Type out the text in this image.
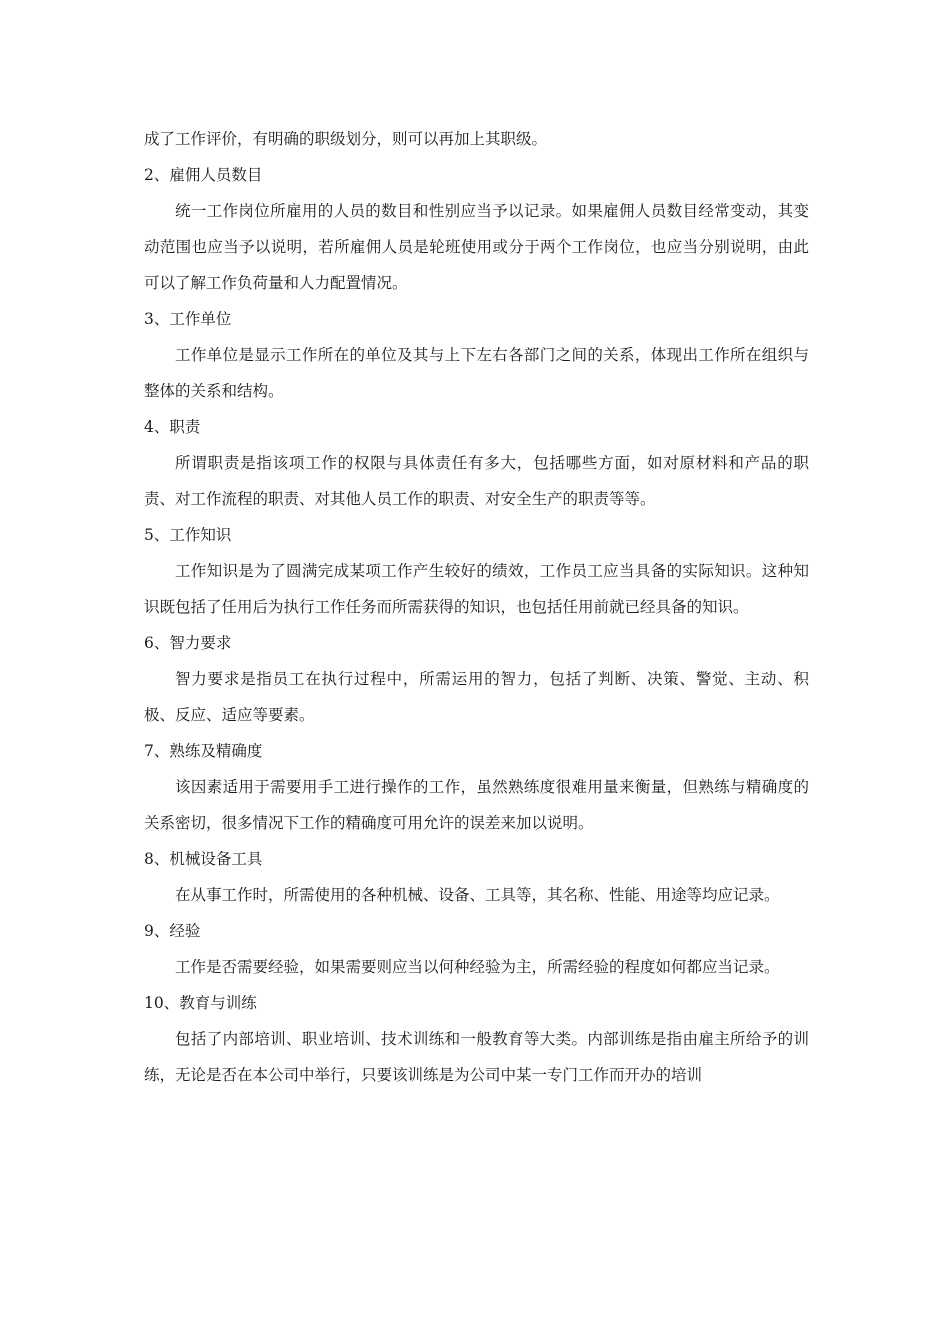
成了工作评价，有明确的职级划分，则可以再加上其职级。
2、雇佣人员数目

统一工作岗位所雇用的人员的数目和性别应当予以记录。如果雇佣人员数目经常变动，其变动范围也应当予以说明，若所雇佣人员是轮班使用或分于两个工作岗位，也应当分别说明，由此可以了解工作负荷量和人力配置情况。

3、工作单位

工作单位是显示工作所在的单位及其与上下左右各部门之间的关系，体现出工作所在组织与整体的关系和结构。

4、职责

所谓职责是指该项工作的权限与具体责任有多大，包括哪些方面，如对原材料和产品的职责、对工作流程的职责、对其他人员工作的职责、对安全生产的职责等等。

5、工作知识

工作知识是为了圆满完成某项工作产生较好的绩效，工作员工应当具备的实际知识。这种知识既包括了任用后为执行工作任务而所需获得的知识，也包括任用前就已经具备的知识。

6、智力要求

智力要求是指员工在执行过程中，所需运用的智力，包括了判断、决策、警觉、主动、积极、反应、适应等要素。

7、熟练及精确度

该因素适用于需要用手工进行操作的工作，虽然熟练度很难用量来衡量，但熟练与精确度的关系密切，很多情况下工作的精确度可用允许的误差来加以说明。

8、机械设备工具

在从事工作时，所需使用的各种机械、设备、工具等，其名称、性能、用途等均应记录。

9、经验

工作是否需要经验，如果需要则应当以何种经验为主，所需经验的程度如何都应当记录。

10、教育与训练

包括了内部培训、职业培训、技术训练和一般教育等大类。内部训练是指由雇主所给予的训练，无论是否在本公司中举行，只要该训练是为公司中某一专门工作而开办的培训
